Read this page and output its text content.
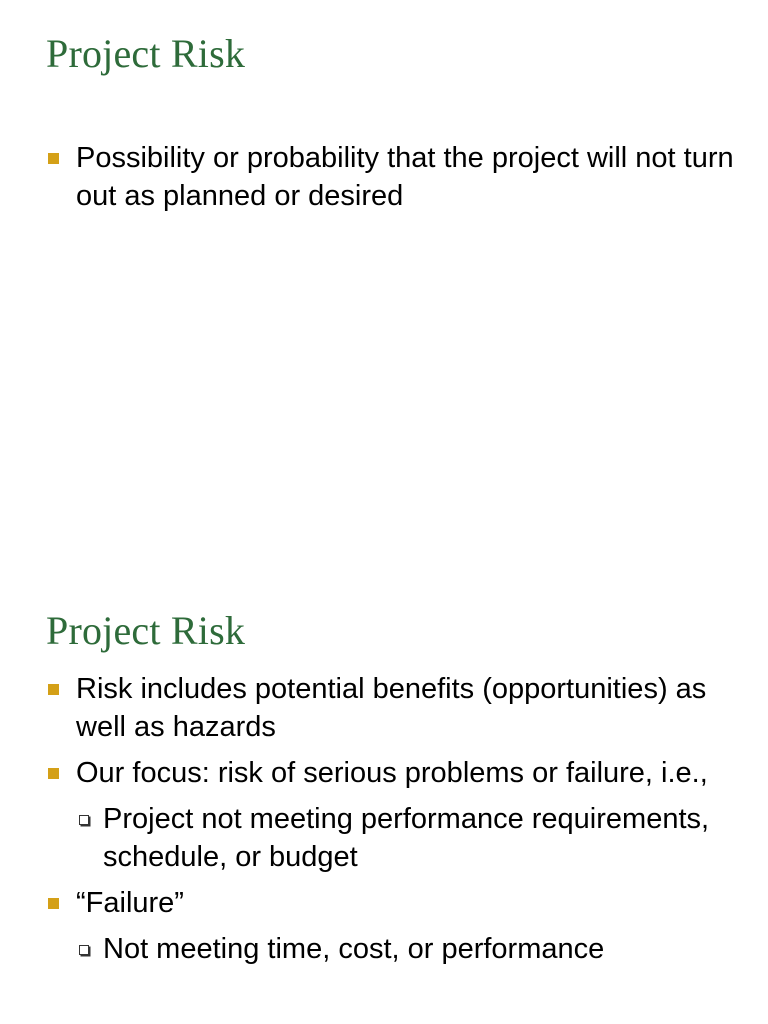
Project Risk
Possibility or probability that the project will not turn out as planned or desired
Project Risk
Risk includes potential benefits (opportunities) as well as hazards
Our focus: risk of serious problems or failure, i.e.,
Project not meeting performance requirements, schedule, or budget
“Failure”
Not meeting time, cost, or performance
